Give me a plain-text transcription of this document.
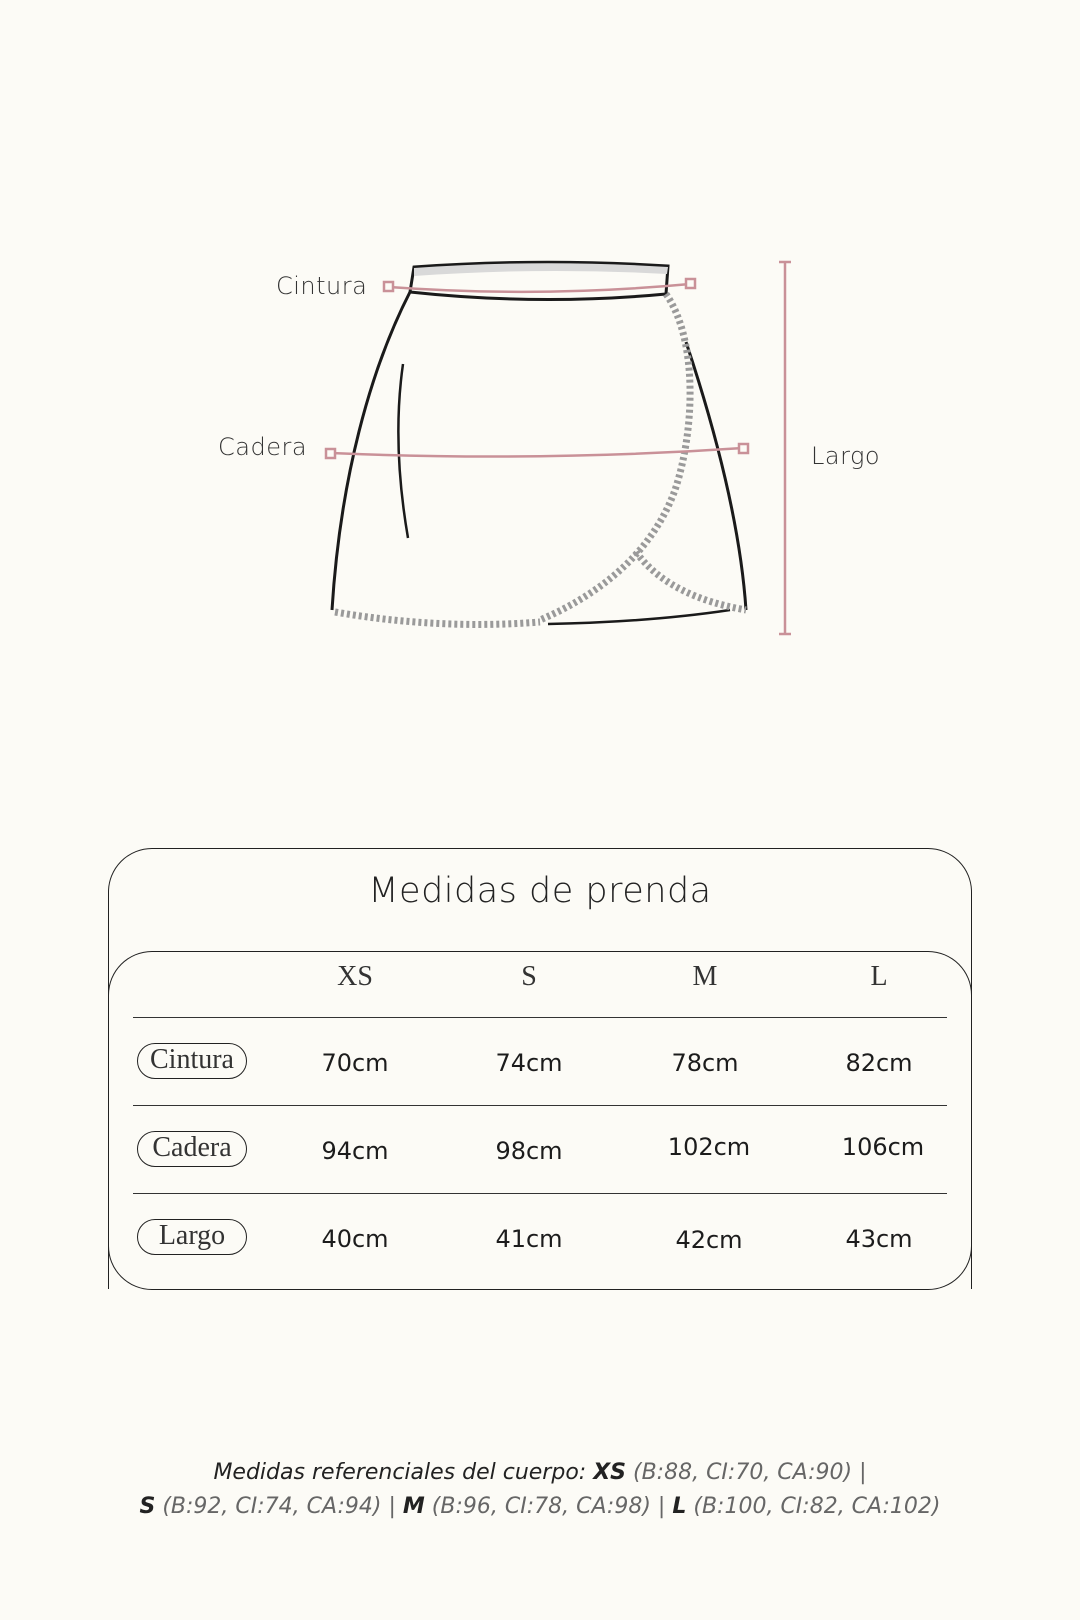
Cintura
Cadera	Largo
Medidas de prenda
XS	S	M	L
Cintura	70cm	74cm	78cm	82cm
Cadera	94cm	98cm	102cm	106cm
Largo	40cm	41cm	42cm	43cm
Medidas referenciales del cuerpo: XS (B:88, CI:70, CA:90) |
S (B:92, CI:74, CA:94) | M (B:96, CI:78, CA:98) | L (B:100, CI:82, CA:102)
